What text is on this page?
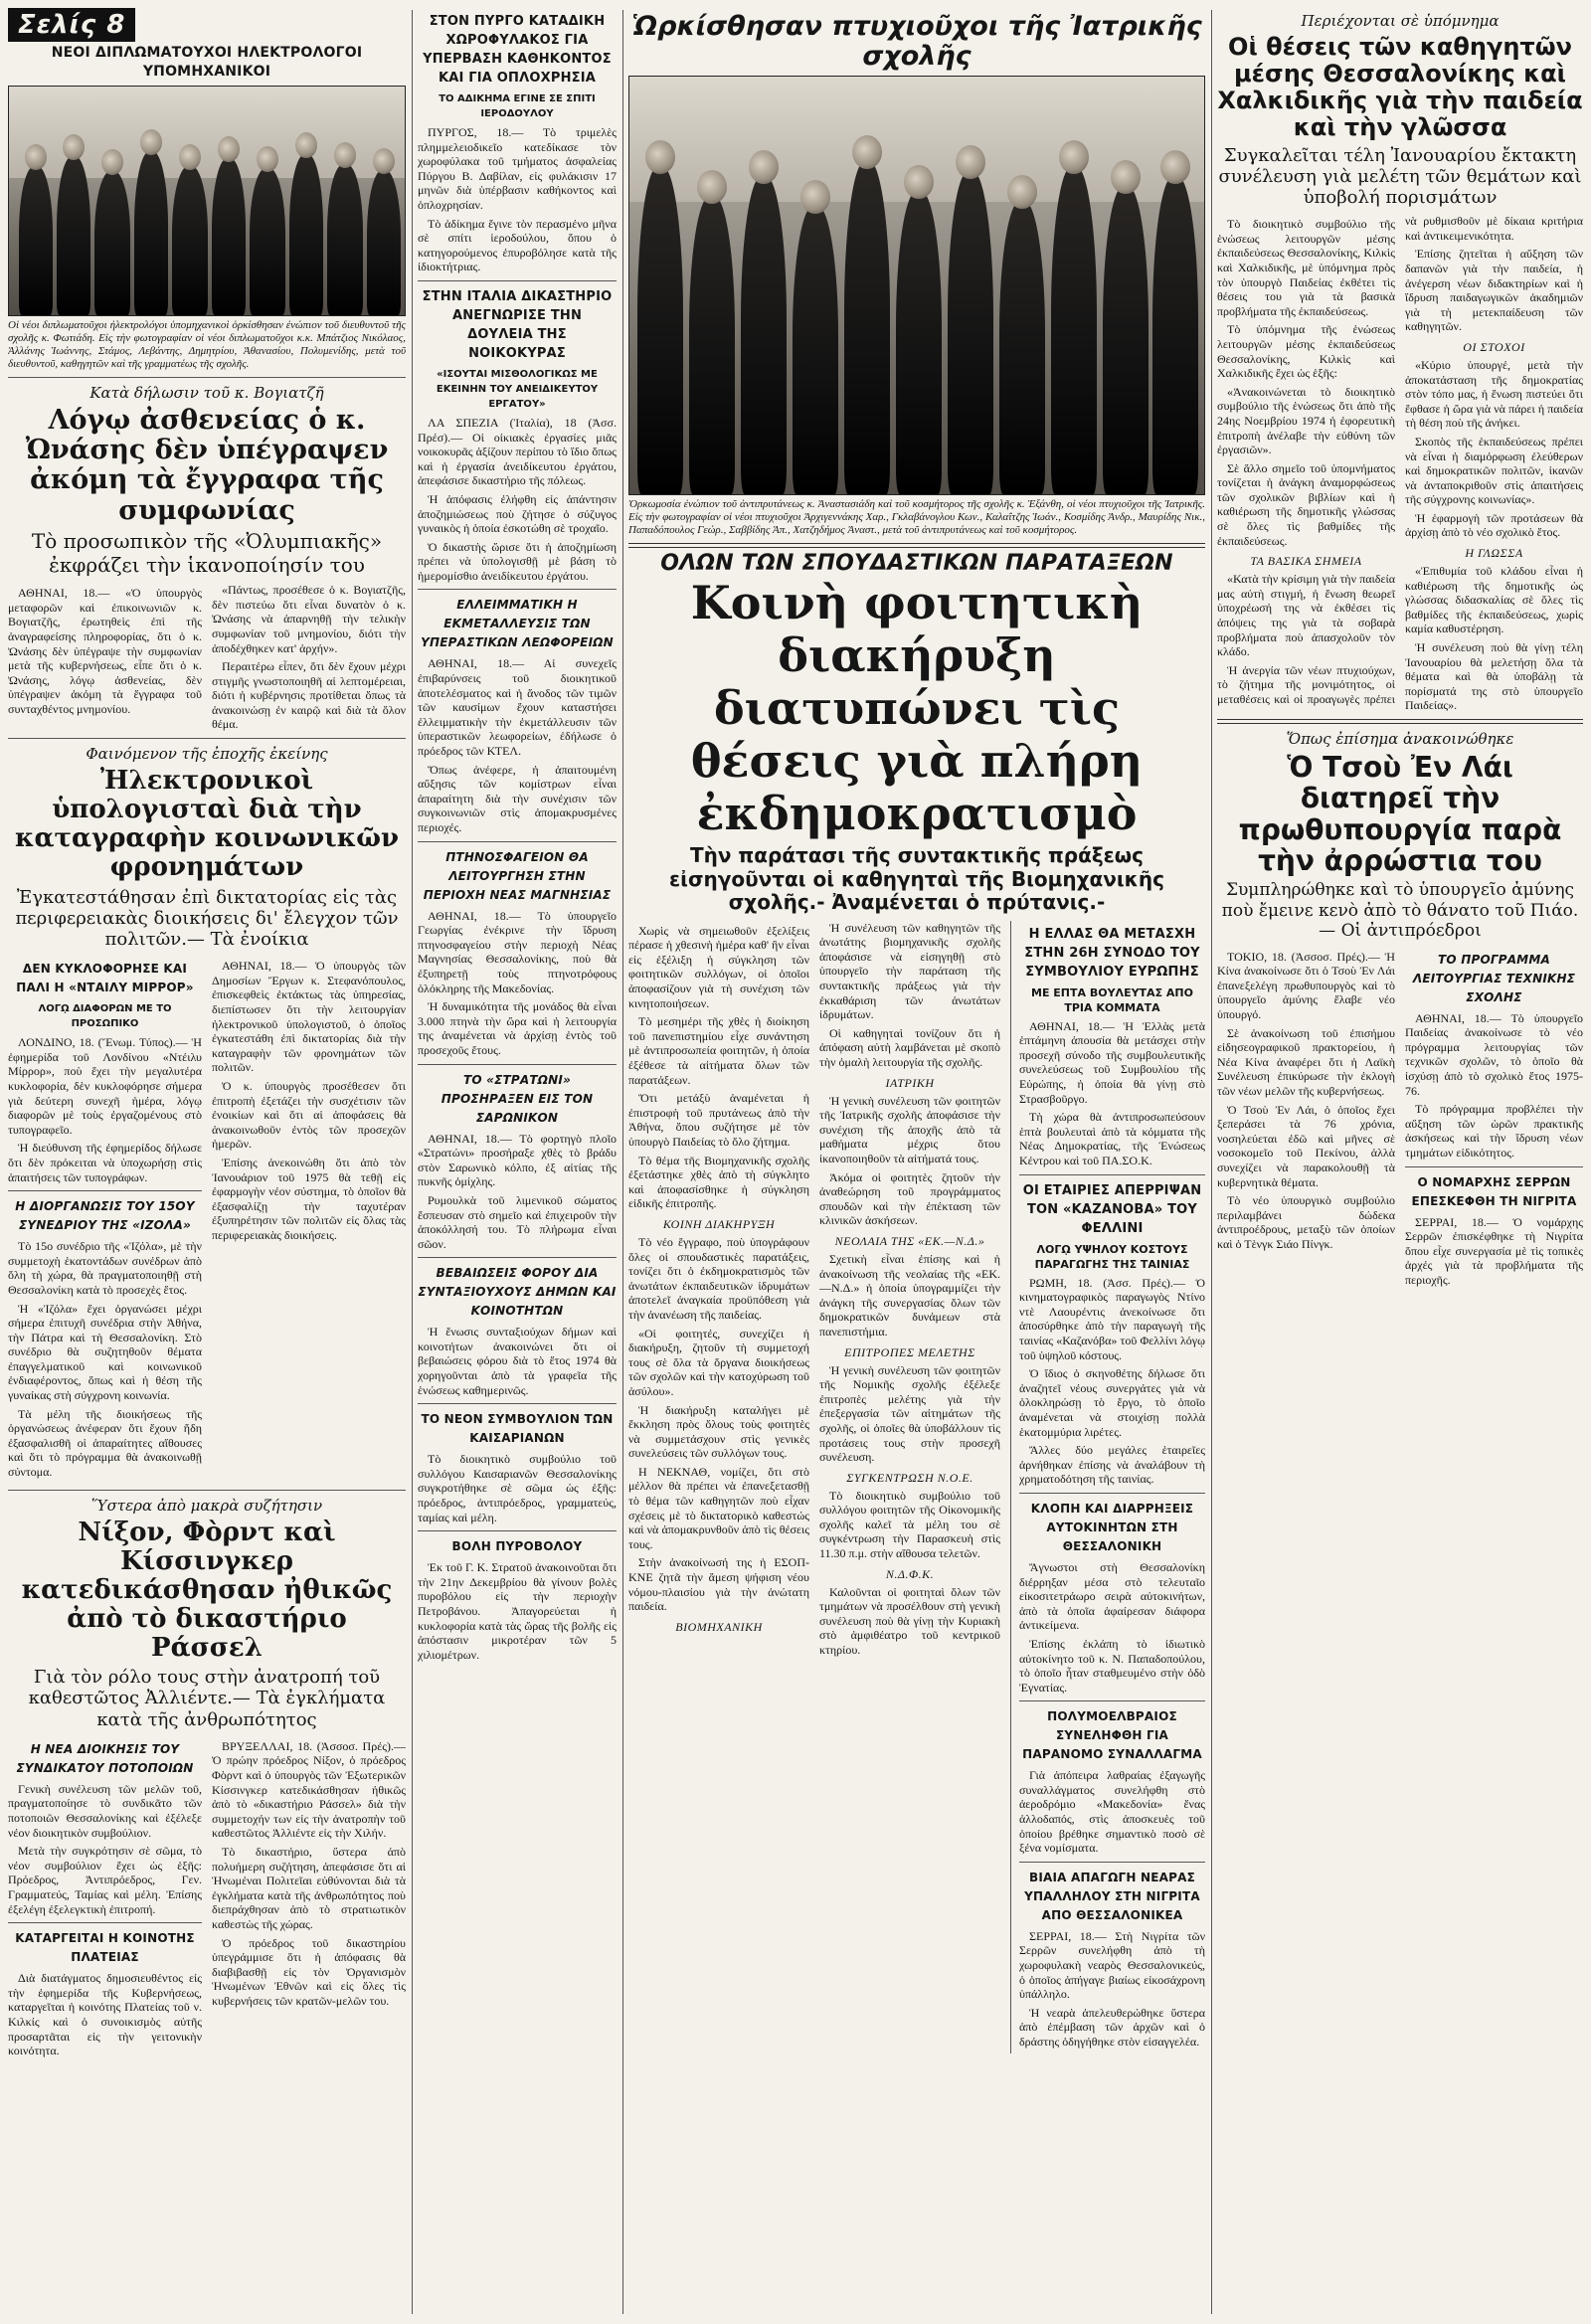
Σελίς 8
ΝΕΟΙ ΔΙΠΛΩΜΑΤΟΥΧΟΙ ΗΛΕΚΤΡΟΛΟΓΟΙ ΥΠΟΜΗΧΑΝΙΚΟΙ
Οἱ νέοι διπλωματοῦχοι ἠλεκτρολόγοι ὑπομηχανικοὶ ὁρκίσθησαν ἐνώπιον τοῦ διευθυντοῦ τῆς σχολῆς κ. Φωτιάδη. Εἰς τὴν φωτογραφίαν οἱ νέοι διπλωματοῦχοι κ.κ. Μπάτζιος Νικόλαος, Ἀλλάνης Ἰωάννης, Στάμος, Λεβάντης, Δημητρίου, Ἀθανασίου, Πολυμενίδης, μετὰ τοῦ διευθυντοῦ, καθηγητῶν καὶ τῆς γραμματέως τῆς σχολῆς.
Κατὰ δήλωσιν τοῦ κ. Βογιατζῆ
Λόγῳ ἀσθενείας ὁ κ. Ὠνάσης δὲν ὑπέγραψεν ἀκόμη τὰ ἔγγραφα τῆς συμφωνίας
Τὸ προσωπικὸν τῆς «Ὀλυμπιακῆς» ἐκφράζει τὴν ἱκανοποίησίν του

ΑΘΗΝΑΙ, 18.— «Ὁ ὑπουργὸς μεταφορῶν καὶ ἐπικοινωνιῶν κ. Βογιατζῆς, ἐρωτηθεὶς ἐπὶ τῆς ἀναγραφείσης πληροφορίας, ὅτι ὁ κ. Ὠνάσης δὲν ὑπέγραψε τὴν συμφωνίαν μετὰ τῆς κυβερνήσεως, εἶπε ὅτι ὁ κ. Ὠνάσης, λόγῳ ἀσθενείας, δὲν ὑπέγραψεν ἀκόμη τὰ ἔγγραφα τοῦ συνταχθέντος μνημονίου.

«Πάντως, προσέθεσε ὁ κ. Βογιατζῆς, δὲν πιστεύω ὅτι εἶναι δυνατὸν ὁ κ. Ὠνάσης νὰ ἀπαρνηθῇ τὴν τελικὴν συμφωνίαν τοῦ μνημονίου, διότι τὴν ἀποδέχθηκεν κατ' ἀρχήν».

Περαιτέρω εἶπεν, ὅτι δὲν ἔχουν μέχρι στιγμῆς γνωστοποιηθῆ αἱ λεπτομέρειαι, διότι ἡ κυβέρνησις προτίθεται ὅπως τὰ ἀνακοινώσῃ ἐν καιρῷ καὶ διὰ τὰ ὅλον θέμα.

Φαινόμενον τῆς ἐποχῆς ἐκείνης
Ἠλεκτρονικοὶ ὑπολογισταὶ διὰ τὴν καταγραφὴν κοινωνικῶν φρονημάτων
Ἐγκατεστάθησαν ἐπὶ δικτατορίας εἰς τὰς περιφερειακὰς διοικήσεις δι' ἔλεγχον τῶν πολιτῶν.— Τὰ ἐνοίκια
ΔΕΝ ΚΥΚΛΟΦΟΡΗΣΕ ΚΑΙ ΠΑΛΙ Η «ΝΤΑΙΛΥ ΜΙΡΡΟΡ»
ΛΟΓῼ ΔΙΑΦΟΡΩΝ ΜΕ ΤΟ ΠΡΟΣΩΠΙΚΟ

ΛΟΝΔΙΝΟ, 18. (Ἕνωμ. Τύπος).— Ἡ ἐφημερίδα τοῦ Λονδίνου «Ντέιλυ Μίρρορ», ποὺ ἔχει τὴν μεγαλυτέρα κυκλοφορία, δὲν κυκλοφόρησε σήμερα γιὰ δεύτερη συνεχῆ ἡμέρα, λόγῳ διαφορῶν μὲ τοὺς ἐργαζομένους στὸ τυπογραφεῖο.

Ἡ διεύθυνση τῆς ἐφημερίδος δήλωσε ὅτι δὲν πρόκειται νὰ ὑποχωρήσῃ στὶς ἀπαιτήσεις τῶν τυπογράφων.

Η ΔΙΟΡΓΑΝΩΣΙΣ ΤΟΥ 15ΟΥ ΣΥΝΕΔΡΙΟΥ ΤΗΣ «ΙΖΟΛΑ»

Τὸ 15ο συνέδριο τῆς «Ἰζόλα», μὲ τὴν συμμετοχὴ ἑκατοντάδων συνέδρων ἀπὸ ὅλη τὴ χώρα, θὰ πραγματοποιηθῇ στὴ Θεσσαλονίκη κατὰ τὸ προσεχὲς ἔτος.

Ἡ «Ἰζόλα» ἔχει ὀργανώσει μέχρι σήμερα ἐπιτυχῆ συνέδρια στὴν Ἀθήνα, τὴν Πάτρα καὶ τὴ Θεσσαλονίκη. Στὸ συνέδριο θὰ συζητηθοῦν θέματα ἐπαγγελματικοῦ καὶ κοινωνικοῦ ἐνδιαφέροντος, ὅπως καὶ ἡ θέση τῆς γυναίκας στὴ σύγχρονη κοινωνία.

Τὰ μέλη τῆς διοικήσεως τῆς ὀργανώσεως ἀνέφεραν ὅτι ἔχουν ἤδη ἐξασφαλισθῆ οἱ ἀπαραίτητες αἴθουσες καὶ ὅτι τὸ πρόγραμμα θὰ ἀνακοινωθῇ σύντομα.

ΑΘΗΝΑΙ, 18.— Ὁ ὑπουργὸς τῶν Δημοσίων Ἔργων κ. Στεφανόπουλος, ἐπισκεφθεὶς ἐκτάκτως τὰς ὑπηρεσίας, διεπίστωσεν ὅτι τὴν λειτουργίαν ἠλεκτρονικοῦ ὑπολογιστοῦ, ὁ ὁποῖος ἐγκατεστάθη ἐπὶ δικτατορίας διὰ τὴν καταγραφὴν τῶν φρονημάτων τῶν πολιτῶν.

Ὁ κ. ὑπουργὸς προσέθεσεν ὅτι ἐπιτροπὴ ἐξετάζει τὴν συσχέτισιν τῶν ἐνοικίων καὶ ὅτι αἱ ἀποφάσεις θὰ ἀνακοινωθοῦν ἐντὸς τῶν προσεχῶν ἡμερῶν.

Ἐπίσης ἀνεκοινώθη ὅτι ἀπὸ τὸν Ἰανουάριον τοῦ 1975 θὰ τεθῇ εἰς ἐφαρμογὴν νέον σύστημα, τὸ ὁποῖον θὰ ἐξασφαλίζῃ τὴν ταχυτέραν ἐξυπηρέτησιν τῶν πολιτῶν εἰς ὅλας τὰς περιφερειακὰς διοικήσεις.

Ὕστερα ἀπὸ μακρὰ συζήτησιν
Νίξον, Φὸρντ καὶ Κίσσινγκερ κατεδικάσθησαν ἠθικῶς ἀπὸ τὸ δικαστήριο Ράσσελ
Γιὰ τὸν ρόλο τους στὴν ἀνατροπή τοῦ καθεστῶτος Ἀλλιέντε.— Τὰ ἐγκλήματα κατὰ τῆς ἀνθρωπότητος
Η ΝΕΑ ΔΙΟΙΚΗΣΙΣ ΤΟΥ ΣΥΝΔΙΚΑΤΟΥ ΠΟΤΟΠΟΙΩΝ

Γενικὴ συνέλευση τῶν μελῶν τοῦ, πραγματοποίησε τὸ συνδικᾶτο τῶν ποτοποιῶν Θεσσαλονίκης καὶ ἐξέλεξε νέον διοικητικὸν συμβούλιον.

Μετὰ τὴν συγκρότησιν σὲ σῶμα, τὸ νέον συμβούλιον ἔχει ὡς ἑξῆς: Πρόεδρος, Ἀντιπρόεδρος, Γεν. Γραμματεύς, Ταμίας καὶ μέλη. Ἐπίσης ἐξελέγη ἐξελεγκτικὴ ἐπιτροπή.

ΚΑΤΑΡΓΕΙΤΑΙ Η ΚΟΙΝΟΤΗΣ ΠΛΑΤΕΙΑΣ

Διὰ διατάγματος δημοσιευθέντος εἰς τὴν ἐφημερίδα τῆς Κυβερνήσεως, καταργεῖται ἡ κοινότης Πλατείας τοῦ ν. Κιλκίς καὶ ὁ συνοικισμὸς αὐτῆς προσαρτᾶται εἰς τὴν γειτονικὴν κοινότητα.

ΒΡΥΞΕΛΛΑΙ, 18. (Ἀσσοσ. Πρές).— Ὁ πρώην πρόεδρος Νίξον, ὁ πρόεδρος Φὸρντ καὶ ὁ ὑπουργὸς τῶν Ἐξωτερικῶν Κίσσινγκερ κατεδικάσθησαν ἠθικῶς ἀπὸ τὸ «δικαστήριο Ράσσελ» διὰ τὴν συμμετοχήν των εἰς τὴν ἀνατροπὴν τοῦ καθεστῶτος Ἀλλιέντε εἰς τὴν Χιλήν.

Τὸ δικαστήριο, ὕστερα ἀπὸ πολυήμερη συζήτηση, ἀπεφάσισε ὅτι αἱ Ἡνωμέναι Πολιτεῖαι εὐθύνονται διὰ τὰ ἐγκλήματα κατὰ τῆς ἀνθρωπότητος ποὺ διεπράχθησαν ἀπὸ τὸ στρατιωτικὸν καθεστὼς τῆς χώρας.

Ὁ πρόεδρος τοῦ δικαστηρίου ὑπεγράμμισε ὅτι ἡ ἀπόφασις θὰ διαβιβασθῇ εἰς τὸν Ὀργανισμὸν Ἡνωμένων Ἐθνῶν καὶ εἰς ὅλες τὶς κυβερνήσεις τῶν κρατῶν-μελῶν του.

ΣΤΟΝ ΠΥΡΓΟ ΚΑΤΑΔΙΚΗ ΧΩΡΟΦΥΛΑΚΟΣ ΓΙΑ ΥΠΕΡΒΑΣΗ ΚΑΘΗΚΟΝΤΟΣ ΚΑΙ ΓΙΑ ΟΠΛΟΧΡΗΣΙΑ
ΤΟ ΑΔΙΚΗΜΑ ΕΓΙΝΕ ΣΕ ΣΠΙΤΙ ΙΕΡΟΔΟΥΛΟΥ

ΠΥΡΓΟΣ, 18.— Τὸ τριμελὲς πλημμελειοδικεῖο κατεδίκασε τὸν χωροφύλακα τοῦ τμήματος ἀσφαλείας Πύργου Β. Δαβίλαν, εἰς φυλάκισιν 17 μηνῶν διὰ ὑπέρβασιν καθήκοντος καὶ ὁπλοχρησίαν.

Τὸ ἀδίκημα ἔγινε τὸν περασμένο μῆνα σὲ σπίτι ἱεροδούλου, ὅπου ὁ κατηγορούμενος ἐπυροβόλησε κατὰ τῆς ἰδιοκτήτριας.

ΣΤΗΝ ΙΤΑΛΙΑ ΔΙΚΑΣΤΗΡΙΟ ΑΝΕΓΝΩΡΙΣΕ ΤΗΝ ΔΟΥΛΕΙΑ ΤΗΣ ΝΟΙΚΟΚΥΡΑΣ
«ΙΣΟΥΤΑΙ ΜΙΣΘΟΛΟΓΙΚΩΣ ΜΕ ΕΚΕΙΝΗΝ ΤΟΥ ΑΝΕΙΔΙΚΕΥΤΟΥ ΕΡΓΑΤΟΥ»

ΛΑ ΣΠΕΖΙΑ (Ἰταλία), 18 (Ἀσσ. Πρέσ).— Οἱ οἰκιακὲς ἐργασίες μιᾶς νοικοκυρᾶς ἀξίζουν περίπου τὸ ἴδιο ὅπως καὶ ἡ ἐργασία ἀνειδίκευτου ἐργάτου, ἀπεφάσισε δικαστήριο τῆς πόλεως.

Ἡ ἀπόφασις ἐλήφθη εἰς ἀπάντησιν ἀποζημιώσεως ποὺ ζήτησε ὁ σύζυγος γυναικὸς ἡ ὁποία ἐσκοτώθη σὲ τροχαῖο.

Ὁ δικαστὴς ὥρισε ὅτι ἡ ἀποζημίωση πρέπει νὰ ὑπολογισθῇ μὲ βάση τὸ ἡμερομίσθιο ἀνειδίκευτου ἐργάτου.

ΕΛΛΕΙΜΜΑΤΙΚΗ Η ΕΚΜΕΤΑΛΛΕΥΣΙΣ ΤΩΝ ΥΠΕΡΑΣΤΙΚΩΝ ΛΕΩΦΟΡΕΙΩΝ

ΑΘΗΝΑΙ, 18.— Αἱ συνεχεῖς ἐπιβαρύνσεις τοῦ διοικητικοῦ ἀποτελέσματος καὶ ἡ ἄνοδος τῶν τιμῶν τῶν καυσίμων ἔχουν καταστήσει ἐλλειμματικὴν τὴν ἐκμετάλλευσιν τῶν ὑπεραστικῶν λεωφορείων, ἐδήλωσε ὁ πρόεδρος τῶν ΚΤΕΛ.

Ὅπως ἀνέφερε, ἡ ἀπαιτουμένη αὔξησις τῶν κομίστρων εἶναι ἀπαραίτητη διὰ τὴν συνέχισιν τῶν συγκοινωνιῶν στὶς ἀπομακρυσμένες περιοχές.

ΠΤΗΝΟΣΦΑΓΕΙΟΝ ΘΑ ΛΕΙΤΟΥΡΓΗΣΗ ΣΤΗΝ ΠΕΡΙΟΧΗ ΝΕΑΣ ΜΑΓΝΗΣΙΑΣ

ΑΘΗΝΑΙ, 18.— Τὸ ὑπουργεῖο Γεωργίας ἐνέκρινε τὴν ἵδρυση πτηνοσφαγείου στὴν περιοχὴ Νέας Μαγνησίας Θεσσαλονίκης, ποὺ θὰ ἐξυπηρετῇ τοὺς πτηνοτρόφους ὁλόκληρης τῆς Μακεδονίας.

Ἡ δυναμικότητα τῆς μονάδος θὰ εἶναι 3.000 πτηνὰ τὴν ὥρα καὶ ἡ λειτουργία της ἀναμένεται νὰ ἀρχίσῃ ἐντὸς τοῦ προσεχοῦς ἔτους.

ΤΟ «ΣΤΡΑΤΩΝΙ» ΠΡΟΣΗΡΑΞΕΝ ΕΙΣ ΤΟΝ ΣΑΡΩΝΙΚΟΝ

ΑΘΗΝΑΙ, 18.— Τὸ φορτηγὸ πλοῖο «Στρατώνι» προσήραξε χθὲς τὸ βράδυ στὸν Σαρωνικὸ κόλπο, ἐξ αἰτίας τῆς πυκνῆς ὀμίχλης.

Ρυμουλκὰ τοῦ λιμενικοῦ σώματος ἔσπευσαν στὸ σημεῖο καὶ ἐπιχειροῦν τὴν ἀποκόλλησή του. Τὸ πλήρωμα εἶναι σῶον.

ΒΕΒΑΙΩΣΕΙΣ ΦΟΡΟΥ ΔΙΑ ΣΥΝΤΑΞΙΟΥΧΟΥΣ ΔΗΜΩΝ ΚΑΙ ΚΟΙΝΟΤΗΤΩΝ

Ἡ ἕνωσις συνταξιούχων δήμων καὶ κοινοτήτων ἀνακοινώνει ὅτι οἱ βεβαιώσεις φόρου διὰ τὸ ἔτος 1974 θὰ χορηγοῦνται ἀπὸ τὰ γραφεῖα τῆς ἑνώσεως καθημερινῶς.

ΤΟ ΝΕΟΝ ΣΥΜΒΟΥΛΙΟΝ ΤΩΝ ΚΑΙΣΑΡΙΑΝΩΝ

Τὸ διοικητικὸ συμβούλιο τοῦ συλλόγου Καισαριανῶν Θεσσαλονίκης συγκροτήθηκε σὲ σῶμα ὡς ἑξῆς: πρόεδρος, ἀντιπρόεδρος, γραμματεύς, ταμίας καὶ μέλη.

ΒΟΛΗ ΠΥΡΟΒΟΛΟΥ

Ἐκ τοῦ Γ. Κ. Στρατοῦ ἀνακοινοῦται ὅτι τὴν 21ην Δεκεμβρίου θὰ γίνουν βολὲς πυροβόλου εἰς τὴν περιοχὴν Πετροβάνου. Ἀπαγορεύεται ἡ κυκλοφορία κατὰ τὰς ὥρας τῆς βολῆς εἰς ἀπόστασιν μικροτέραν τῶν 5 χιλιομέτρων.

Ὡρκίσθησαν πτυχιοῦχοι τῆς Ἰατρικῆς σχολῆς
Ὁρκωμοσία ἐνώπιον τοῦ ἀντιπρυτάνεως κ. Ἀναστασιάδη καὶ τοῦ κοσμήτορος τῆς σχολῆς κ. Ἐξάνθη, οἱ νέοι πτυχιοῦχοι τῆς Ἰατρικῆς. Εἰς τὴν φωτογραφίαν οἱ νέοι πτυχιοῦχοι Ἀρχιγεννάκης Χαρ., Γκλαβάνογλου Κων., Καλαΐτζης Ἰωάν., Κοσμίδης Ἀνδρ., Μαυρίδης Νικ., Παπαδόπουλος Γεώρ., Σαββίδης Ἀπ., Χατζηδήμος Ἀναστ., μετὰ τοῦ ἀντιπρυτάνεως καὶ τοῦ κοσμήτορος.
ΟΛΩΝ ΤΩΝ ΣΠΟΥΔΑΣΤΙΚΩΝ ΠΑΡΑΤΑΞΕΩΝ
Κοινὴ φοιτητικὴ διακήρυξη διατυπώνει τὶς θέσεις γιὰ πλήρη ἐκδημοκρατισμὸ
Τὴν παράτασι τῆς συντακτικῆς πράξεως εἰσηγοῦνται οἱ καθηγηταὶ τῆς Βιομηχανικῆς σχολῆς.- Ἀναμένεται ὁ πρύτανις.-

Χωρὶς νὰ σημειωθοῦν ἐξελίξεις πέρασε ἡ χθεσινὴ ἡμέρα καθ' ἣν εἶναι εἰς ἐξέλιξη ἡ σύγκληση τῶν φοιτητικῶν συλλόγων, οἱ ὁποῖοι ἀποφασίζουν γιὰ τὴ συνέχιση τῶν κινητοποιήσεων.

Τὸ μεσημέρι τῆς χθὲς ἡ διοίκηση τοῦ πανεπιστημίου εἶχε συνάντηση μὲ ἀντιπροσωπεία φοιτητῶν, ἡ ὁποία ἐξέθεσε τὰ αἰτήματα ὅλων τῶν παρατάξεων.

Ὅτι μετάξὺ ἀναμένεται ἡ ἐπιστροφὴ τοῦ πρυτάνεως ἀπὸ τὴν Ἀθήνα, ὅπου συζήτησε μὲ τὸν ὑπουργὸ Παιδείας τὸ ὅλο ζήτημα.

Τὸ θέμα τῆς Βιομηχανικῆς σχολῆς ἐξετάστηκε χθὲς ἀπὸ τὴ σύγκλητο καὶ ἀποφασίσθηκε ἡ σύγκληση εἰδικῆς ἐπιτροπῆς.

ΚΟΙΝΗ ΔΙΑΚΗΡΥΞΗ

Τὸ νέο ἔγγραφο, ποὺ ὑπογράφουν ὅλες οἱ σπουδαστικὲς παρατάξεις, τονίζει ὅτι ὁ ἐκδημοκρατισμὸς τῶν ἀνωτάτων ἐκπαιδευτικῶν ἱδρυμάτων ἀποτελεῖ ἀναγκαία προϋπόθεση γιὰ τὴν ἀνανέωση τῆς παιδείας.

«Οἱ φοιτητές, συνεχίζει ἡ διακήρυξη, ζητοῦν τὴ συμμετοχή τους σὲ ὅλα τὰ ὄργανα διοικήσεως τῶν σχολῶν καὶ τὴν κατοχύρωση τοῦ ἀσύλου».

Ἡ διακήρυξη καταλήγει μὲ ἔκκληση πρὸς ὅλους τοὺς φοιτητὲς νὰ συμμετάσχουν στὶς γενικὲς συνελεύσεις τῶν συλλόγων τους.

Η ΝΕΚΝΑΘ, νομίζει, ὅτι στὸ μέλλον θὰ πρέπει νὰ ἐπανεξετασθῇ τὸ θέμα τῶν καθηγητῶν ποὺ εἶχαν σχέσεις μὲ τὸ δικτατορικὸ καθεστώς καὶ νὰ ἀπομακρυνθοῦν ἀπὸ τὶς θέσεις τους.

Στὴν ἀνακοίνωσή της ἡ ΕΣΟΠ-ΚΝΕ ζητᾶ τὴν ἄμεση ψήφιση νέου νόμου-πλαισίου γιὰ τὴν ἀνώτατη παιδεία.

ΒΙΟΜΗΧΑΝΙΚΗ

Ἡ συνέλευση τῶν καθηγητῶν τῆς ἀνωτάτης βιομηχανικῆς σχολῆς ἀποφάσισε νὰ εἰσηγηθῇ στὸ ὑπουργεῖο τὴν παράταση τῆς συντακτικῆς πράξεως γιὰ τὴν ἐκκαθάριση τῶν ἀνωτάτων ἱδρυμάτων.

Οἱ καθηγηταὶ τονίζουν ὅτι ἡ ἀπόφαση αὐτὴ λαμβάνεται μὲ σκοπὸ τὴν ὁμαλὴ λειτουργία τῆς σχολῆς.

ΙΑΤΡΙΚΗ

Ἡ γενικὴ συνέλευση τῶν φοιτητῶν τῆς Ἰατρικῆς σχολῆς ἀποφάσισε τὴν συνέχιση τῆς ἀποχῆς ἀπὸ τὰ μαθήματα μέχρις ὅτου ἱκανοποιηθοῦν τὰ αἰτήματά τους.

Ἀκόμα οἱ φοιτητὲς ζητοῦν τὴν ἀναθεώρηση τοῦ προγράμματος σπουδῶν καὶ τὴν ἐπέκταση τῶν κλινικῶν ἀσκήσεων.

ΝΕΟΛΑΙΑ ΤΗΣ «ΕΚ.—Ν.Δ.»

Σχετικὴ εἶναι ἐπίσης καὶ ἡ ἀνακοίνωση τῆς νεολαίας τῆς «ΕΚ.—Ν.Δ.» ἡ ὁποία ὑπογραμμίζει τὴν ἀνάγκη τῆς συνεργασίας ὅλων τῶν δημοκρατικῶν δυνάμεων στὰ πανεπιστήμια.

ΕΠΙΤΡΟΠΕΣ ΜΕΛΕΤΗΣ

Ἡ γενικὴ συνέλευση τῶν φοιτητῶν τῆς Νομικῆς σχολῆς ἐξέλεξε ἐπιτροπὲς μελέτης γιὰ τὴν ἐπεξεργασία τῶν αἰτημάτων τῆς σχολῆς, οἱ ὁποῖες θὰ ὑποβάλλουν τὶς προτάσεις τους στὴν προσεχῆ συνέλευση.

ΣΥΓΚΕΝΤΡΩΣΗ Ν.Ο.Ε.

Τὸ διοικητικὸ συμβούλιο τοῦ συλλόγου φοιτητῶν τῆς Οἰκονομικῆς σχολῆς καλεῖ τὰ μέλη του σὲ συγκέντρωση τὴν Παρασκευὴ στὶς 11.30 π.μ. στὴν αἴθουσα τελετῶν.

Ν.Δ.Φ.Κ.

Καλοῦνται οἱ φοιτηταὶ ὅλων τῶν τμημάτων νὰ προσέλθουν στὴ γενικὴ συνέλευση ποὺ θὰ γίνῃ τὴν Κυριακὴ στὸ ἀμφιθέατρο τοῦ κεντρικοῦ κτηρίου.

Η ΕΛΛΑΣ ΘΑ ΜΕΤΑΣΧΗ ΣΤΗΝ 26Η ΣΥΝΟΔΟ ΤΟΥ ΣΥΜΒΟΥΛΙΟΥ ΕΥΡΩΠΗΣ
ΜΕ ΕΠΤΑ ΒΟΥΛΕΥΤΑΣ ΑΠΟ ΤΡΙΑ ΚΟΜΜΑΤΑ

ΑΘΗΝΑΙ, 18.— Ἡ Ἑλλὰς μετὰ ἑπτάμηνη ἀπουσία θὰ μετάσχει στὴν προσεχῆ σύνοδο τῆς συμβουλευτικῆς συνελεύσεως τοῦ Συμβουλίου τῆς Εὐρώπης, ἡ ὁποία θὰ γίνῃ στὸ Στρασβοῦργο.

Τὴ χώρα θὰ ἀντιπροσωπεύσουν ἑπτὰ βουλευταὶ ἀπὸ τὰ κόμματα τῆς Νέας Δημοκρατίας, τῆς Ἑνώσεως Κέντρου καὶ τοῦ ΠΑ.ΣΟ.Κ.

ΟΙ ΕΤΑΙΡΙΕΣ ΑΠΕΡΡΙΨΑΝ ΤΟΝ «ΚΑΖΑΝΟΒΑ» ΤΟΥ ΦΕΛΛΙΝΙ
ΛΟΓῼ ΥΨΗΛΟΥ ΚΟΣΤΟΥΣ ΠΑΡΑΓΩΓΗΣ ΤΗΣ ΤΑΙΝΙΑΣ

ΡΩΜΗ, 18. (Ἀσσ. Πρές).— Ὁ κινηματογραφικὸς παραγωγὸς Ντίνο ντὲ Λαουρέντις ἀνεκοίνωσε ὅτι ἀποσύρθηκε ἀπὸ τὴν παραγωγὴ τῆς ταινίας «Καζανόβα» τοῦ Φελλίνι λόγῳ τοῦ ὑψηλοῦ κόστους.

Ὁ ἴδιος ὁ σκηνοθέτης δήλωσε ὅτι ἀναζητεῖ νέους συνεργάτες γιὰ νὰ ὁλοκληρώσῃ τὸ ἔργο, τὸ ὁποῖο ἀναμένεται νὰ στοιχίσῃ πολλὰ ἑκατομμύρια λιρέτες.

Ἄλλες δύο μεγάλες ἑταιρεῖες ἀρνήθηκαν ἐπίσης νὰ ἀναλάβουν τὴ χρηματοδότηση τῆς ταινίας.

ΚΛΟΠΗ ΚΑΙ ΔΙΑΡΡΗΞΕΙΣ ΑΥΤΟΚΙΝΗΤΩΝ ΣΤΗ ΘΕΣΣΑΛΟΝΙΚΗ

Ἄγνωστοι στὴ Θεσσαλονίκη διέρρηξαν μέσα στὸ τελευταῖο εἰκοσιτετράωρο σειρὰ αὐτοκινήτων, ἀπὸ τὰ ὁποῖα ἀφαίρεσαν διάφορα ἀντικείμενα.

Ἐπίσης ἐκλάπη τὸ ἰδιωτικὸ αὐτοκίνητο τοῦ κ. Ν. Παπαδοπούλου, τὸ ὁποῖο ἦταν σταθμευμένο στὴν ὁδὸ Ἐγνατίας.

ΠΟΛΥΜΟΕΛΒΡΑΙΟΣ ΣΥΝΕΛΗΦΘΗ ΓΙΑ ΠΑΡΑΝΟΜΟ ΣΥΝΑΛΛΑΓΜΑ

Γιὰ ἀπόπειρα λαθραίας ἐξαγωγῆς συναλλάγματος συνελήφθη στὸ ἀεροδρόμιο «Μακεδονία» ἕνας ἀλλοδαπός, στὶς ἀποσκευὲς τοῦ ὁποίου βρέθηκε σημαντικὸ ποσὸ σὲ ξένα νομίσματα.

ΒΙΑΙΑ ΑΠΑΓΩΓΗ ΝΕΑΡΑΣ ΥΠΑΛΛΗΛΟΥ ΣΤΗ ΝΙΓΡΙΤΑ ΑΠΟ ΘΕΣΣΑΛΟΝΙΚΕΑ

ΣΕΡΡΑΙ, 18.— Στὴ Νιγρίτα τῶν Σερρῶν συνελήφθη ἀπὸ τὴ χωροφυλακὴ νεαρὸς Θεσσαλονικεύς, ὁ ὁποῖος ἀπήγαγε βιαίως εἰκοσάχρονη ὑπάλληλο.

Ἡ νεαρὰ ἀπελευθερώθηκε ὕστερα ἀπὸ ἐπέμβαση τῶν ἀρχῶν καὶ ὁ δράστης ὁδηγήθηκε στὸν εἰσαγγελέα.

Περιέχονται σὲ ὑπόμνημα
Οἱ θέσεις τῶν καθηγητῶν μέσης Θεσσαλονίκης καὶ Χαλκιδικῆς γιὰ τὴν παιδεία καὶ τὴν γλῶσσα
Συγκαλεῖται τέλη Ἰανουαρίου ἔκτακτη συνέλευση γιὰ μελέτη τῶν θεμάτων καὶ ὑποβολή πορισμάτων

Τὸ διοικητικὸ συμβούλιο τῆς ἑνώσεως λειτουργῶν μέσης ἐκπαιδεύσεως Θεσσαλονίκης, Κιλκὶς καὶ Χαλκιδικῆς, μὲ ὑπόμνημα πρὸς τὸν ὑπουργὸ Παιδείας ἐκθέτει τὶς θέσεις του γιὰ τὰ βασικὰ προβλήματα τῆς ἐκπαιδεύσεως.

Τὸ ὑπόμνημα τῆς ἑνώσεως λειτουργῶν μέσης ἐκπαιδεύσεως Θεσσαλονίκης, Κιλκὶς καὶ Χαλκιδικῆς ἔχει ὡς ἑξῆς:

«Ἀνακοινώνεται τὸ διοικητικὸ συμβούλιο τῆς ἑνώσεως ὅτι ἀπὸ τῆς 24ης Νοεμβρίου 1974 ἡ ἐφορευτικὴ ἐπιτροπὴ ἀνέλαβε τὴν εὐθύνη τῶν ἐργασιῶν».

Σὲ ἄλλο σημεῖο τοῦ ὑπομνήματος τονίζεται ἡ ἀνάγκη ἀναμορφώσεως τῶν σχολικῶν βιβλίων καὶ ἡ καθιέρωση τῆς δημοτικῆς γλώσσας σὲ ὅλες τὶς βαθμίδες τῆς ἐκπαιδεύσεως.

ΤΑ ΒΑΣΙΚΑ ΣΗΜΕΙΑ

«Κατὰ τὴν κρίσιμη γιὰ τὴν παιδεία μας αὐτὴ στιγμή, ἡ ἕνωση θεωρεῖ ὑποχρέωσή της νὰ ἐκθέσει τὶς ἀπόψεις της γιὰ τὰ σοβαρὰ προβλήματα ποὺ ἀπασχολοῦν τὸν κλάδο.

Ἡ ἀνεργία τῶν νέων πτυχιούχων, τὸ ζήτημα τῆς μονιμότητος, οἱ μεταθέσεις καὶ οἱ προαγωγὲς πρέπει νὰ ρυθμισθοῦν μὲ δίκαια κριτήρια καὶ ἀντικειμενικότητα.

Ἐπίσης ζητεῖται ἡ αὔξηση τῶν δαπανῶν γιὰ τὴν παιδεία, ἡ ἀνέγερση νέων διδακτηρίων καὶ ἡ ἵδρυση παιδαγωγικῶν ἀκαδημιῶν γιὰ τὴ μετεκπαίδευση τῶν καθηγητῶν.

ΟΙ ΣΤΟΧΟΙ

«Κύριο ὑπουργέ, μετὰ τὴν ἀποκατάσταση τῆς δημοκρατίας στὸν τόπο μας, ἡ ἕνωση πιστεύει ὅτι ἔφθασε ἡ ὥρα γιὰ νὰ πάρει ἡ παιδεία τὴ θέση ποὺ τῆς ἀνήκει.

Σκοπὸς τῆς ἐκπαιδεύσεως πρέπει νὰ εἶναι ἡ διαμόρφωση ἐλεύθερων καὶ δημοκρατικῶν πολιτῶν, ἱκανῶν νὰ ἀνταποκριθοῦν στὶς ἀπαιτήσεις τῆς σύγχρονης κοινωνίας».

Ἡ ἐφαρμογὴ τῶν προτάσεων θὰ ἀρχίσῃ ἀπὸ τὸ νέο σχολικὸ ἔτος.

Η ΓΛΩΣΣΑ

«Ἐπιθυμία τοῦ κλάδου εἶναι ἡ καθιέρωση τῆς δημοτικῆς ὡς γλώσσας διδασκαλίας σὲ ὅλες τὶς βαθμίδες τῆς ἐκπαιδεύσεως, χωρὶς καμία καθυστέρηση.

Ἡ συνέλευση ποὺ θὰ γίνῃ τέλη Ἰανουαρίου θὰ μελετήσῃ ὅλα τὰ θέματα καὶ θὰ ὑποβάλῃ τὰ πορίσματά της στὸ ὑπουργεῖο Παιδείας».

Ὅπως ἐπίσημα ἀνακοινώθηκε
Ὁ Τσοὺ Ἐν Λάι διατηρεῖ τὴν πρωθυπουργία παρὰ τὴν ἀρρώστια του
Συμπληρώθηκε καὶ τὸ ὑπουργεῖο ἀμύνης ποὺ ἔμεινε κενὸ ἀπὸ τὸ θάνατο τοῦ Πιάο.— Οἱ ἀντιπρόεδροι

ΤΟΚΙΟ, 18. (Ἀσσοσ. Πρές).— Ἡ Κίνα ἀνακοίνωσε ὅτι ὁ Τσοὺ Ἐν Λάι ἐπανεξελέγη πρωθυπουργὸς καὶ τὸ ὑπουργεῖο ἀμύνης ἔλαβε νέο ὑπουργό.

Σὲ ἀνακοίνωση τοῦ ἐπισήμου εἰδησεογραφικοῦ πρακτορείου, ἡ Νέα Κίνα ἀναφέρει ὅτι ἡ Λαϊκὴ Συνέλευση ἐπικύρωσε τὴν ἐκλογὴ τῶν νέων μελῶν τῆς κυβερνήσεως.

Ὁ Τσοὺ Ἐν Λάι, ὁ ὁποῖος ἔχει ξεπεράσει τὰ 76 χρόνια, νοσηλεύεται ἐδῶ καὶ μῆνες σὲ νοσοκομεῖο τοῦ Πεκίνου, ἀλλὰ συνεχίζει νὰ παρακολουθῇ τὰ κυβερνητικὰ θέματα.

Τὸ νέο ὑπουργικὸ συμβούλιο περιλαμβάνει δώδεκα ἀντιπροέδρους, μεταξὺ τῶν ὁποίων καὶ ὁ Τὲνγκ Σιάο Πίνγκ.

ΤΟ ΠΡΟΓΡΑΜΜΑ ΛΕΙΤΟΥΡΓΙΑΣ ΤΕΧΝΙΚΗΣ ΣΧΟΛΗΣ

ΑΘΗΝΑΙ, 18.— Τὸ ὑπουργεῖο Παιδείας ἀνακοίνωσε τὸ νέο πρόγραμμα λειτουργίας τῶν τεχνικῶν σχολῶν, τὸ ὁποῖο θὰ ἰσχύσῃ ἀπὸ τὸ σχολικὸ ἔτος 1975-76.

Τὸ πρόγραμμα προβλέπει τὴν αὔξηση τῶν ὡρῶν πρακτικῆς ἀσκήσεως καὶ τὴν ἵδρυση νέων τμημάτων εἰδικότητος.

Ο ΝΟΜΑΡΧΗΣ ΣΕΡΡΩΝ ΕΠΕΣΚΕΦΘΗ ΤΗ ΝΙΓΡΙΤΑ

ΣΕΡΡΑΙ, 18.— Ὁ νομάρχης Σερρῶν ἐπισκέφθηκε τὴ Νιγρίτα ὅπου εἶχε συνεργασία μὲ τὶς τοπικὲς ἀρχές γιὰ τὰ προβλήματα τῆς περιοχῆς.
